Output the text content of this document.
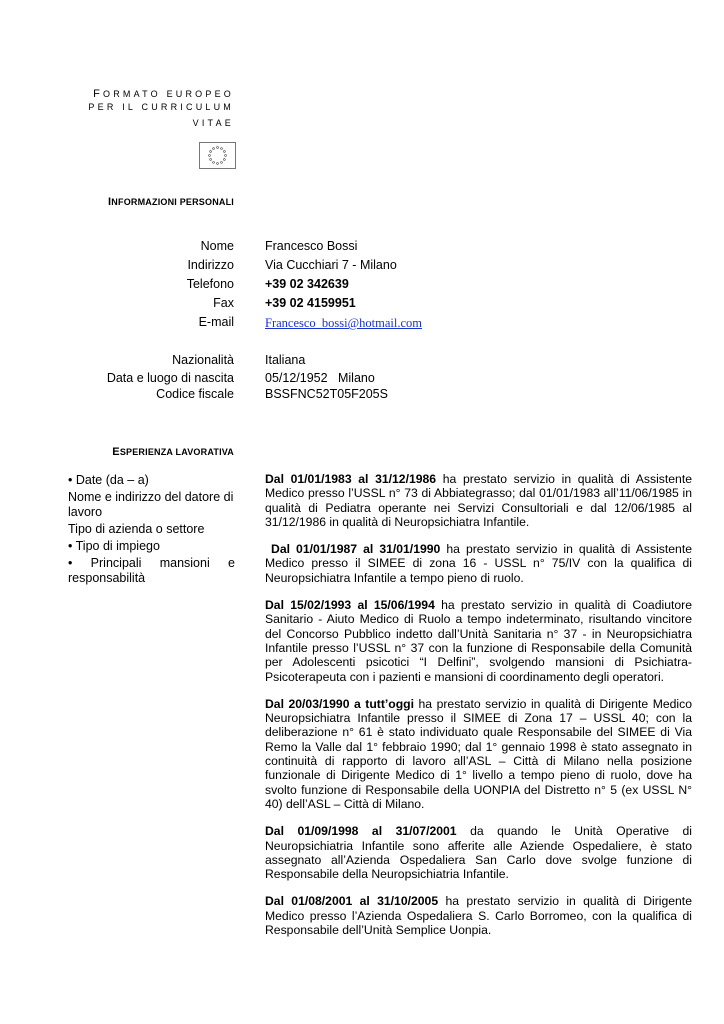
FORMATO EUROPEO
PER IL CURRICULUM
VITAE
INFORMAZIONI PERSONALI
Nome Francesco Bossi
Indirizzo Via Cucchiari 7 - Milano
Telefono +39 02 342639
Fax +39 02 4159951
E-mail Francesco_bossi@hotmail.com
Nazionalità Italiana
Data e luogo di nascita 05/12/1952   Milano
Codice fiscale BSSFNC52T05F205S
ESPERIENZA LAVORATIVA
• Date (da – a)
Nome e indirizzo del datore di lavoro
Tipo di azienda o settore
• Tipo di impiego
• Principali mansioni e responsabilità

Dal 01/01/1983 al 31/12/1986 ha prestato servizio in qualità di Assistente Medico presso l’USSL n° 73 di Abbiategrasso; dal 01/01/1983 all’11/06/1985 in qualità di Pediatra operante nei Servizi Consultoriali e dal 12/06/1985 al 31/12/1986 in qualità di Neuropsichiatra Infantile.

Dal 01/01/1987 al 31/01/1990 ha prestato servizio in qualità di Assistente Medico presso il SIMEE di zona 16 - USSL n° 75/IV con la qualifica di Neuropsichiatra Infantile a tempo pieno di ruolo.

Dal 15/02/1993 al 15/06/1994 ha prestato servizio in qualità di Coadiutore Sanitario - Aiuto Medico di Ruolo a tempo indeterminato, risultando vincitore del Concorso Pubblico indetto dall’Unità Sanitaria n° 37 - in Neuropsichiatra Infantile presso l’USSL n° 37 con la funzione di Responsabile della Comunità per Adolescenti psicotici “I Delfini”, svolgendo mansioni di Psichiatra-Psicoterapeuta con i pazienti e mansioni di coordinamento degli operatori.

Dal 20/03/1990 a tutt’oggi ha prestato servizio in qualità di Dirigente Medico Neuropsichiatra Infantile presso il SIMEE di Zona 17 – USSL 40; con la deliberazione n° 61 è stato individuato quale Responsabile del SIMEE di Via Remo la Valle dal 1° febbraio 1990; dal 1° gennaio 1998 è stato assegnato in continuità di rapporto di lavoro all’ASL – Città di Milano nella posizione funzionale di Dirigente Medico di 1° livello a tempo pieno di ruolo, dove ha svolto funzione di Responsabile della UONPIA del Distretto n° 5 (ex USSL N° 40) dell’ASL – Città di Milano.

Dal 01/09/1998 al 31/07/2001 da quando le Unità Operative di Neuropsichiatria Infantile sono afferite alle Aziende Ospedaliere, è stato assegnato all’Azienda Ospedaliera San Carlo dove svolge funzione di Responsabile della Neuropsichiatria Infantile.

Dal 01/08/2001 al 31/10/2005 ha prestato servizio in qualità di Dirigente Medico presso l’Azienda Ospedaliera S. Carlo Borromeo, con la qualifica di Responsabile dell’Unità Semplice Uonpia.
